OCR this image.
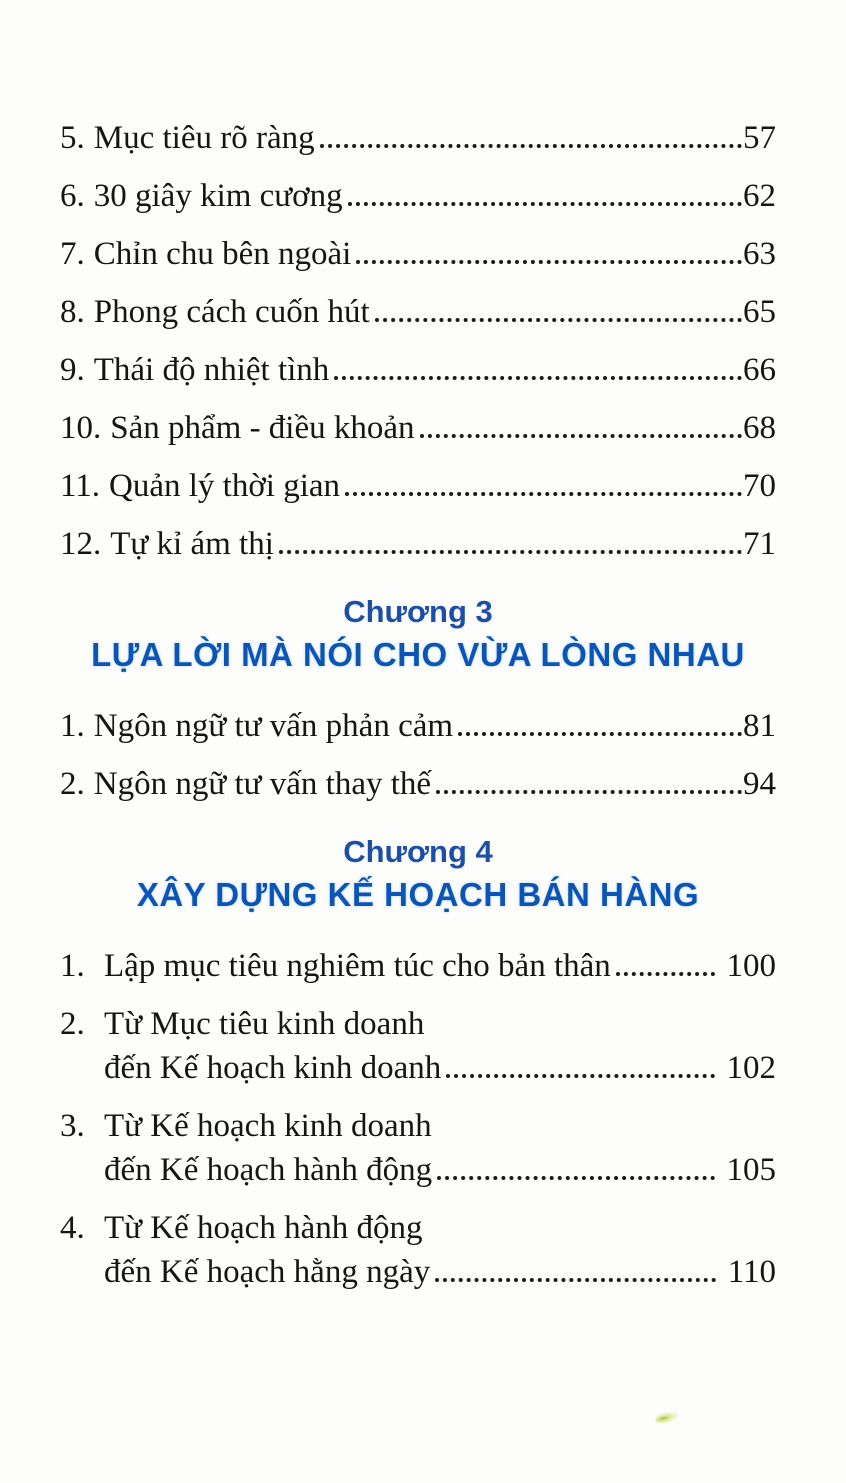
5. Mục tiêu rõ ràng	57
6. 30 giây kim cương	62
7. Chỉn chu bên ngoài	63
8. Phong cách cuốn hút	65
9. Thái độ nhiệt tình	66
10. Sản phẩm - điều khoản	68
11. Quản lý thời gian	70
12. Tự kỉ ám thị	71
Chương 3
LỰA LỜI MÀ NÓI CHO VỪA LÒNG NHAU
1. Ngôn ngữ tư vấn phản cảm	81
2. Ngôn ngữ tư vấn thay thế	94
Chương 4
XÂY DỰNG KẾ HOẠCH BÁN HÀNG
1. Lập mục tiêu nghiêm túc cho bản thân	100
2. Từ Mục tiêu kinh doanh
đến Kế hoạch kinh doanh	102
3. Từ Kế hoạch kinh doanh
đến Kế hoạch hành động	105
4. Từ Kế hoạch hành động
đến Kế hoạch hằng ngày	110
